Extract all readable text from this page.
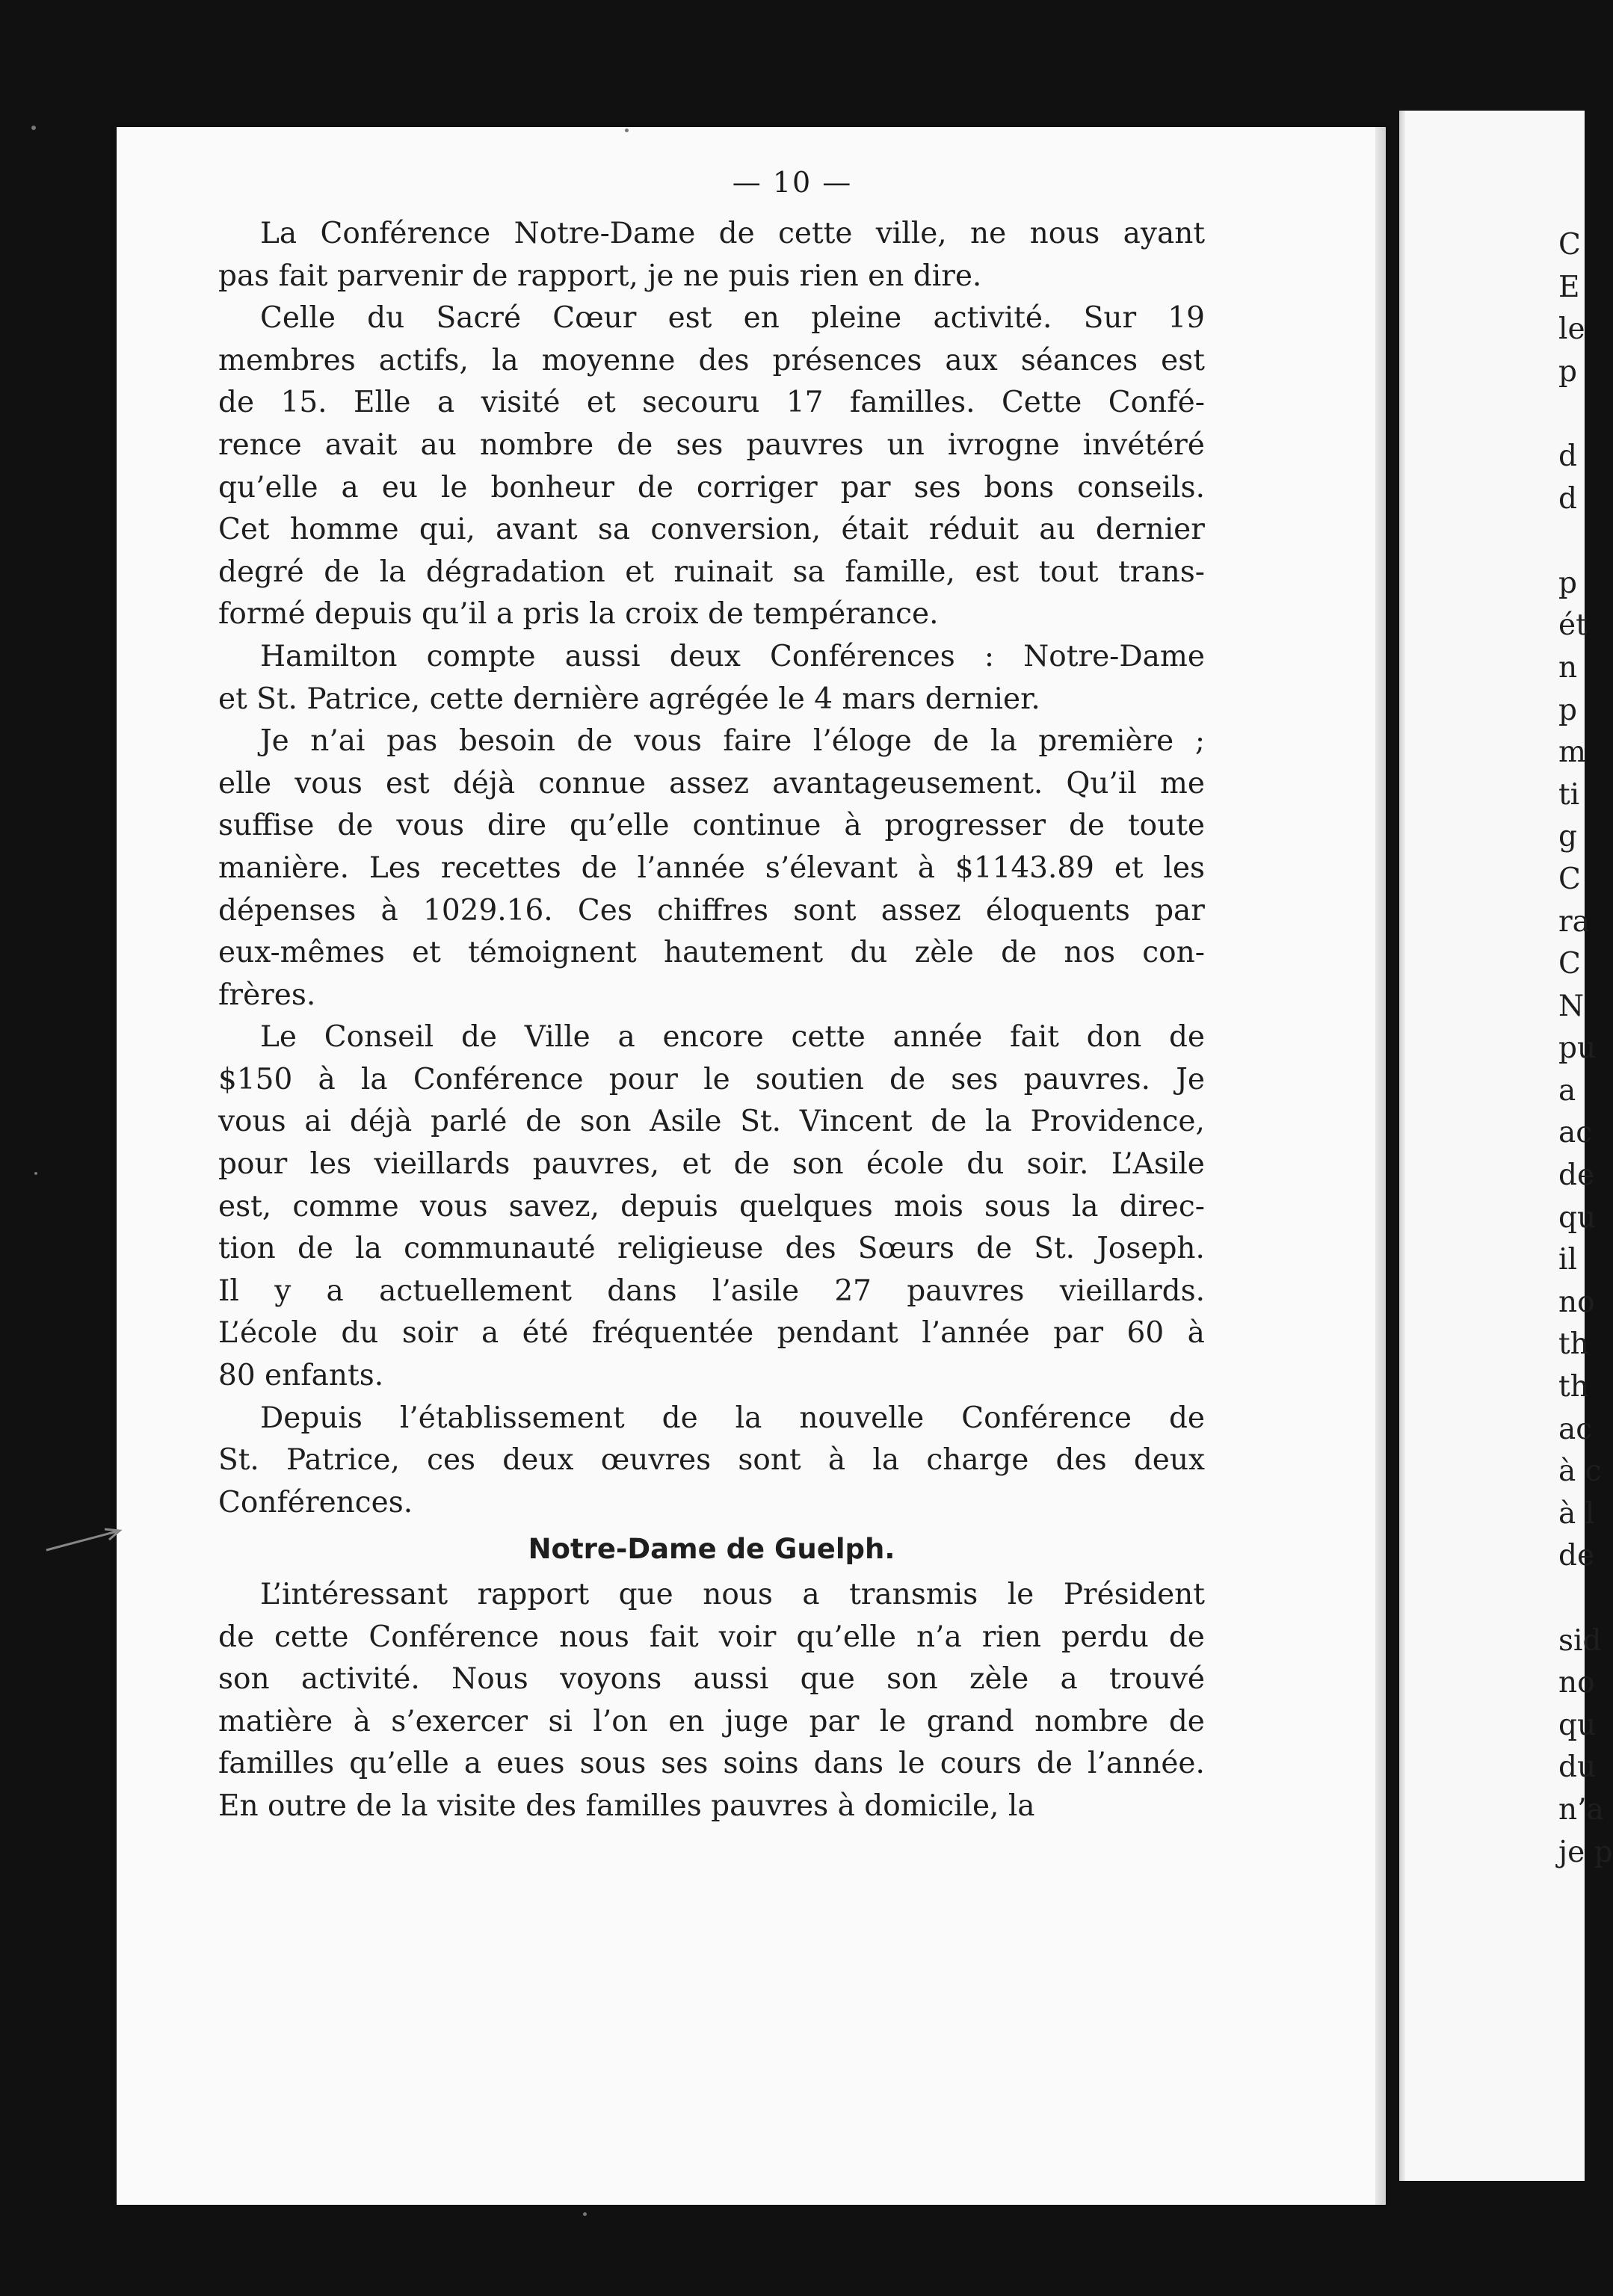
— 10 —
La Conférence Notre-Dame de cette ville, ne nous ayant
pas fait parvenir de rapport, je ne puis rien en dire.
Celle du Sacré Cœur est en pleine activité. Sur 19
membres actifs, la moyenne des présences aux séances est
de 15. Elle a visité et secouru 17 familles. Cette Confé-
rence avait au nombre de ses pauvres un ivrogne invétéré
qu’elle a eu le bonheur de corriger par ses bons conseils.
Cet homme qui, avant sa conversion, était réduit au dernier
degré de la dégradation et ruinait sa famille, est tout trans-
formé depuis qu’il a pris la croix de tempérance.
Hamilton compte aussi deux Conférences : Notre-Dame
et St. Patrice, cette dernière agrégée le 4 mars dernier.
Je n’ai pas besoin de vous faire l’éloge de la première ;
elle vous est déjà connue assez avantageusement. Qu’il me
suffise de vous dire qu’elle continue à progresser de toute
manière. Les recettes de l’année s’élevant à $1143.89 et les
dépenses à 1029.16. Ces chiffres sont assez éloquents par
eux-mêmes et témoignent hautement du zèle de nos con-
frères.
Le Conseil de Ville a encore cette année fait don de
$150 à la Conférence pour le soutien de ses pauvres. Je
vous ai déjà parlé de son Asile St. Vincent de la Providence,
pour les vieillards pauvres, et de son école du soir. L’Asile
est, comme vous savez, depuis quelques mois sous la direc-
tion de la communauté religieuse des Sœurs de St. Joseph.
Il y a actuellement dans l’asile 27 pauvres vieillards.
L’école du soir a été fréquentée pendant l’année par 60 à
80 enfants.
Depuis l’établissement de la nouvelle Conférence de
St. Patrice, ces deux œuvres sont à la charge des deux
Conférences.
Notre-Dame de Guelph.
L’intéressant rapport que nous a transmis le Président
de cette Conférence nous fait voir qu’elle n’a rien perdu de
son activité. Nous voyons aussi que son zèle a trouvé
matière à s’exercer si l’on en juge par le grand nombre de
familles qu’elle a eues sous ses soins dans le cours de l’année.
En outre de la visite des familles pauvres à domicile, la
C
E
le
p
d
d
p
ét
n
p
m
ti
g
C
ra
C
N
pu
a
ac
de
qu
il
no
th
th
ac
à c
à l
de
sid
no
qu
du
n’a
je p
